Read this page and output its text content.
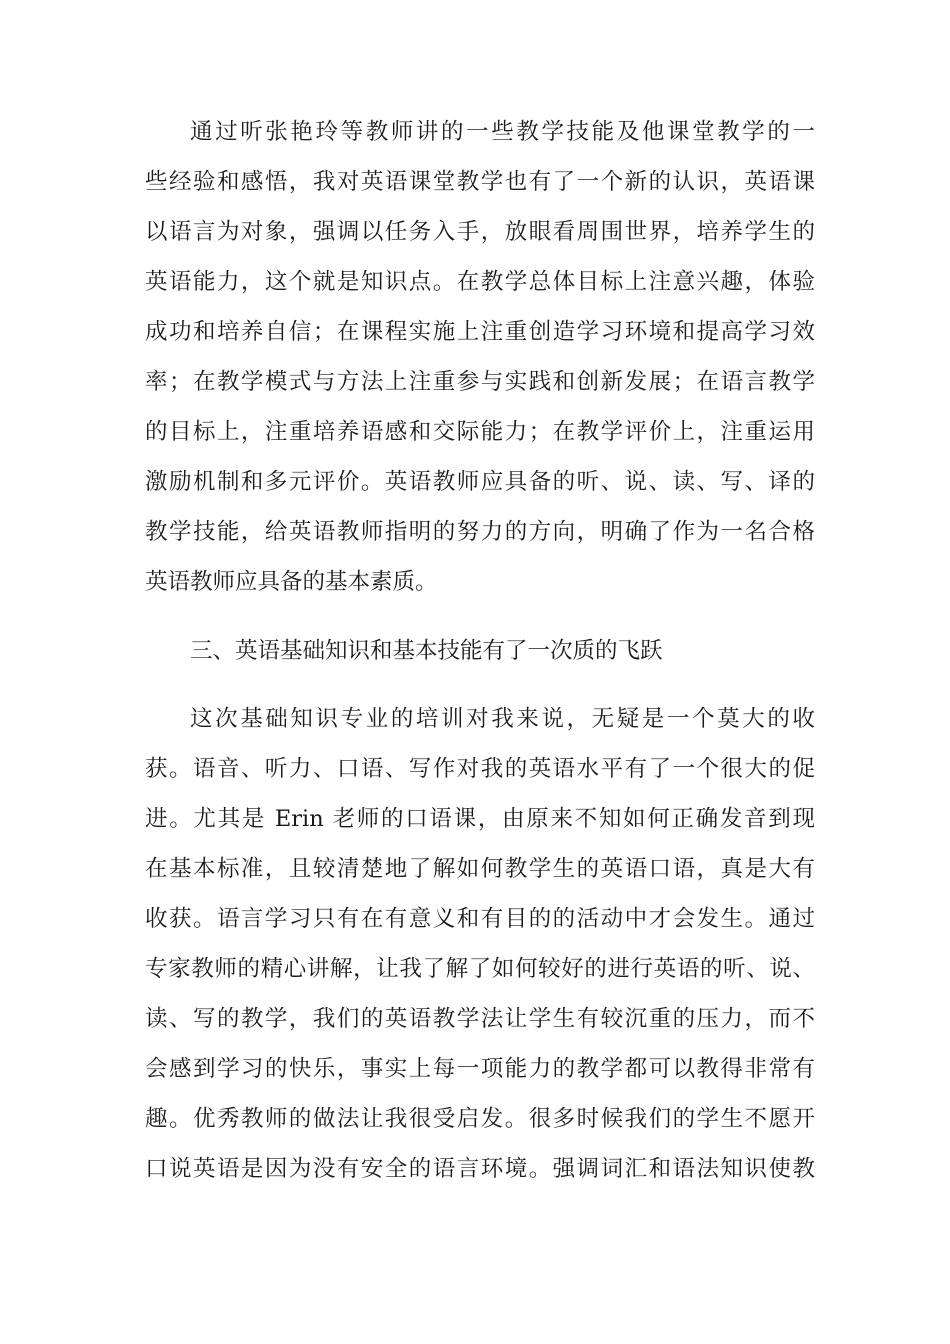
通过听张艳玲等教师讲的一些教学技能及他课堂教学的一
些经验和感悟，我对英语课堂教学也有了一个新的认识，英语课
以语言为对象，强调以任务入手，放眼看周围世界，培养学生的
英语能力，这个就是知识点。在教学总体目标上注意兴趣，体验
成功和培养自信；在课程实施上注重创造学习环境和提高学习效
率；在教学模式与方法上注重参与实践和创新发展；在语言教学
的目标上，注重培养语感和交际能力；在教学评价上，注重运用
激励机制和多元评价。英语教师应具备的听、说、读、写、译的
教学技能，给英语教师指明的努力的方向，明确了作为一名合格
英语教师应具备的基本素质。
三、英语基础知识和基本技能有了一次质的飞跃
这次基础知识专业的培训对我来说，无疑是一个莫大的收
获。语音、听力、口语、写作对我的英语水平有了一个很大的促
进。尤其是 Erin 老师的口语课，由原来不知如何正确发音到现
在基本标准，且较清楚地了解如何教学生的英语口语，真是大有
收获。语言学习只有在有意义和有目的的活动中才会发生。通过
专家教师的精心讲解，让我了解了如何较好的进行英语的听、说、
读、写的教学，我们的英语教学法让学生有较沉重的压力，而不
会感到学习的快乐，事实上每一项能力的教学都可以教得非常有
趣。优秀教师的做法让我很受启发。很多时候我们的学生不愿开
口说英语是因为没有安全的语言环境。强调词汇和语法知识使教
